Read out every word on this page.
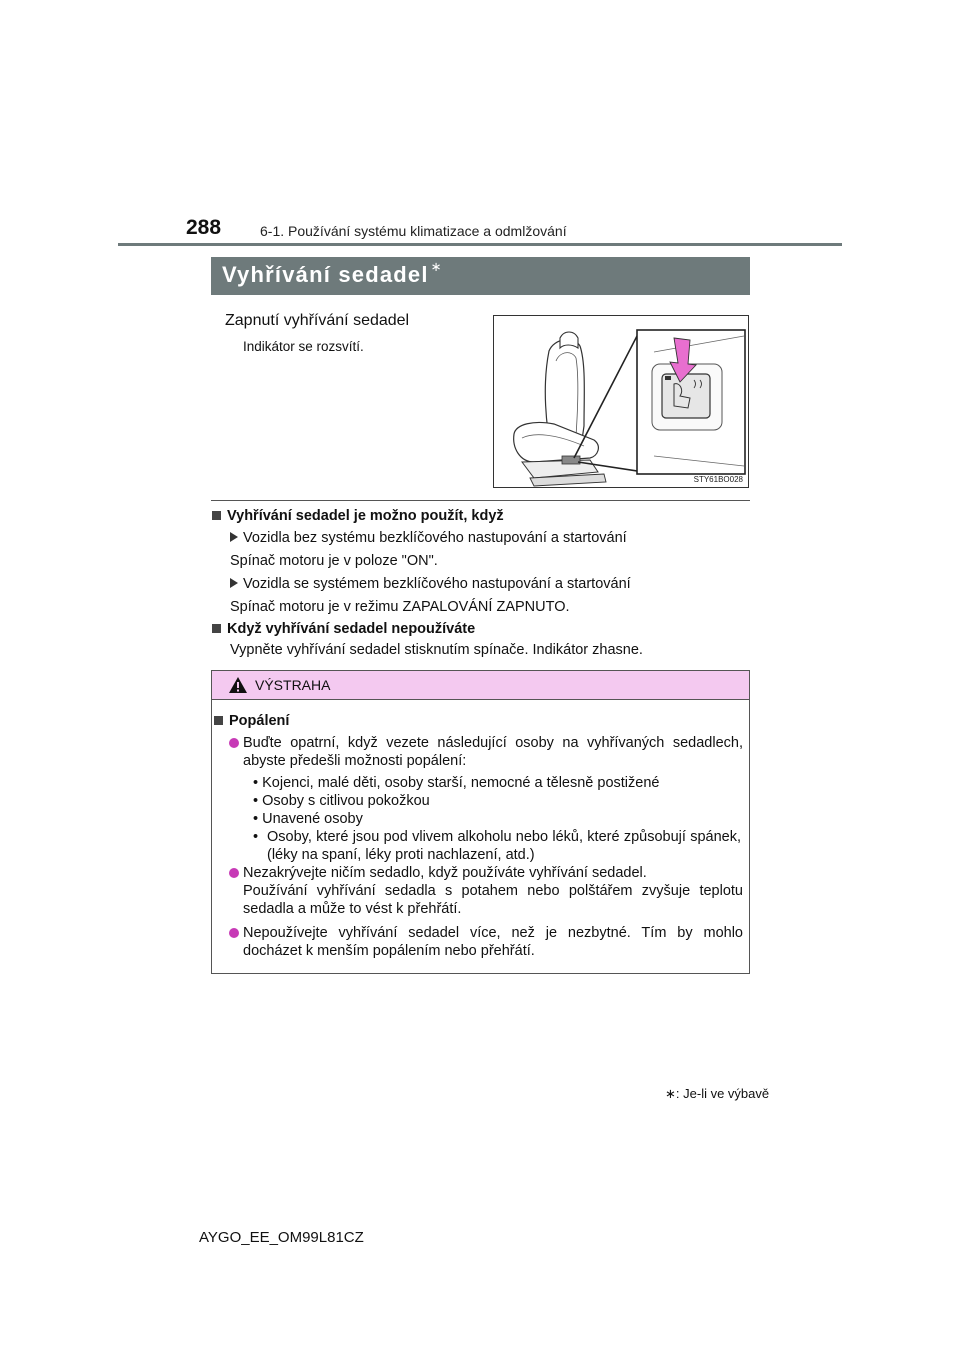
288	6-1. Používání systému klimatizace a odmlžování
Vyhřívání sedadel ∗
Zapnutí vyhřívání sedadel
Indikátor se rozsvítí.
STY61BO028
Vyhřívání sedadel je možno použít, když
Vozidla bez systému bezklíčového nastupování a startování
Spínač motoru je v poloze "ON".
Vozidla se systémem bezklíčového nastupování a startování
Spínač motoru je v režimu ZAPALOVÁNÍ ZAPNUTO.
Když vyhřívání sedadel nepoužíváte
Vypněte vyhřívání sedadel stisknutím spínače. Indikátor zhasne.
VÝSTRAHA
Popálení
Buďte opatrní, když vezete následující osoby na vyhřívaných sedadlech, abyste předešli možnosti popálení:
• Kojenci, malé děti, osoby starší, nemocné a tělesně postižené
• Osoby s citlivou pokožkou
• Unavené osoby
• Osoby, které jsou pod vlivem alkoholu nebo léků, které způsobují spánek, (léky na spaní, léky proti nachlazení, atd.)
Nezakrývejte ničím sedadlo, když používáte vyhřívání sedadel.
Používání vyhřívání sedadla s potahem nebo polštářem zvyšuje teplotu sedadla a může to vést k přehřátí.
Nepoužívejte vyhřívání sedadel více, než je nezbytné. Tím by mohlo docházet k menším popálením nebo přehřátí.
∗: Je-li ve výbavě
AYGO_EE_OM99L81CZ
